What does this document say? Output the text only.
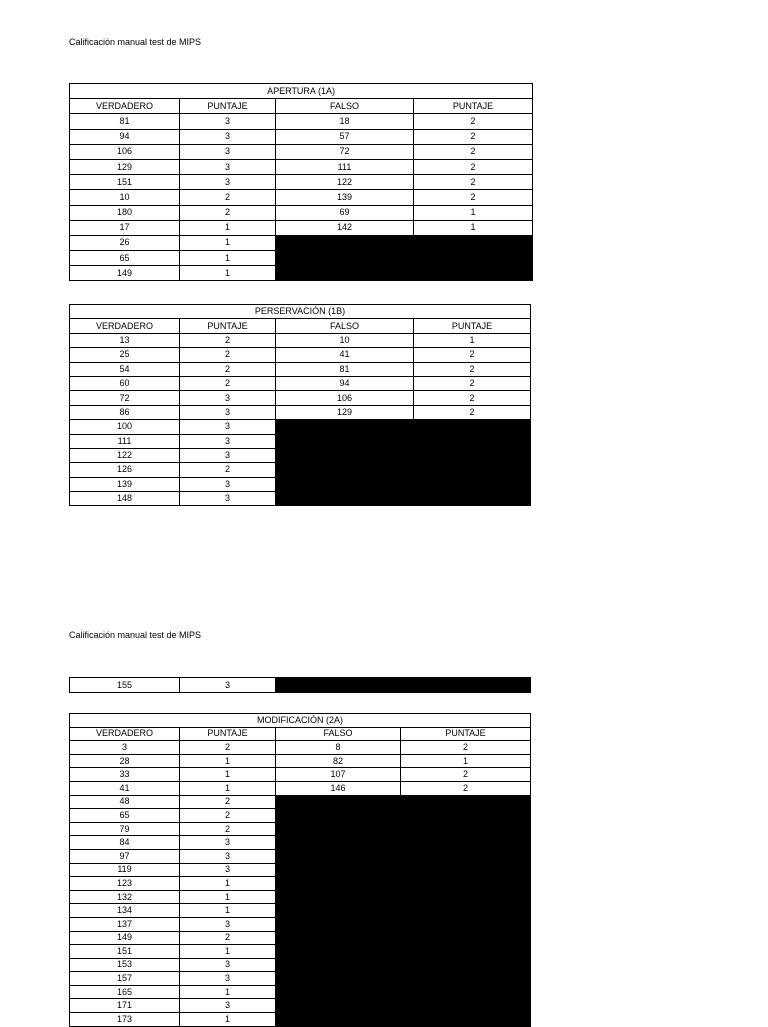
Calificación manual test de MIPS
APERTURA (1A)			
VERDADERO	PUNTAJE	FALSO	PUNTAJE
81	3	18	2
94	3	57	2
106	3	72	2
129	3	111	2
151	3	122	2
10	2	139	2
180	2	69	1
17	1	142	1
26	1		
65	1		
149	1		
PERSERVACIÓN (1B)			
VERDADERO	PUNTAJE	FALSO	PUNTAJE
13	2	10	1
25	2	41	2
54	2	81	2
60	2	94	2
72	3	106	2
86	3	129	2
100	3		
111	3		
122	3		
126	2		
139	3		
148	3		
Calificación manual test de MIPS
155	3		
MODIFICACIÓN (2A)			
VERDADERO	PUNTAJE	FALSO	PUNTAJE
3	2	8	2
28	1	82	1
33	1	107	2
41	1	146	2
48	2		
65	2		
79	2		
84	3		
97	3		
119	3		
123	1		
132	1		
134	1		
137	3		
149	2		
151	1		
153	3		
157	3		
165	1		
171	3		
173	1		
